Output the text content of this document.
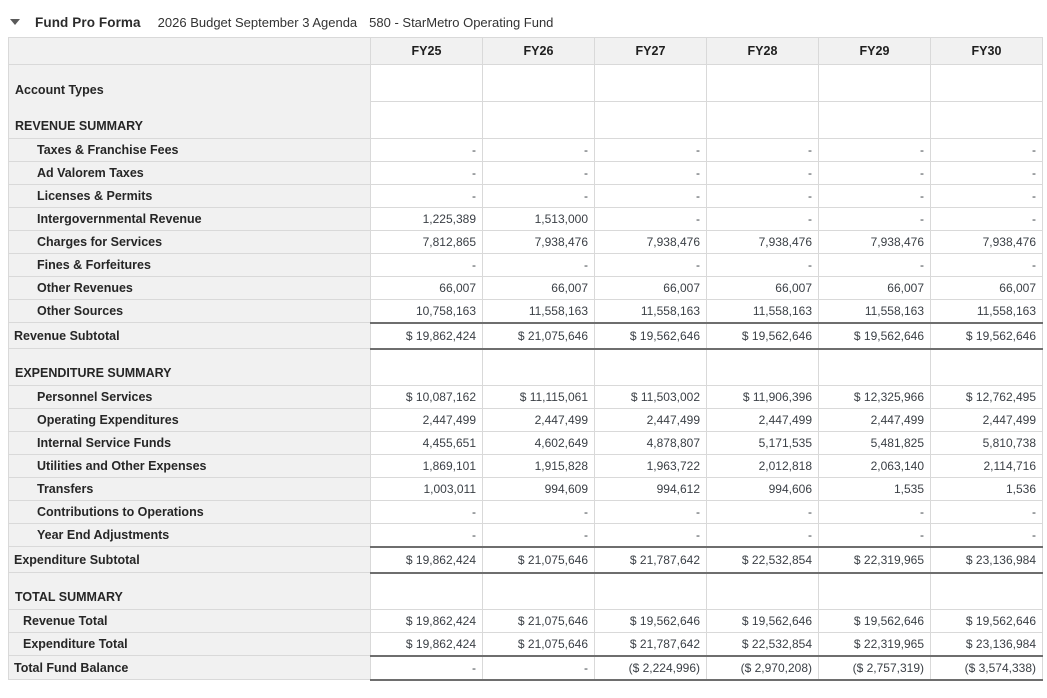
Fund Pro Forma 2026 Budget September 3 Agenda 580 - StarMetro Operating Fund
	FY25	FY26	FY27	FY28	FY29	FY30
Account Types						
REVENUE SUMMARY						
Taxes & Franchise Fees	-	-	-	-	-	-
Ad Valorem Taxes	-	-	-	-	-	-
Licenses & Permits	-	-	-	-	-	-
Intergovernmental Revenue	1,225,389	1,513,000	-	-	-	-
Charges for Services	7,812,865	7,938,476	7,938,476	7,938,476	7,938,476	7,938,476
Fines & Forfeitures	-	-	-	-	-	-
Other Revenues	66,007	66,007	66,007	66,007	66,007	66,007
Other Sources	10,758,163	11,558,163	11,558,163	11,558,163	11,558,163	11,558,163
Revenue Subtotal	$ 19,862,424	$ 21,075,646	$ 19,562,646	$ 19,562,646	$ 19,562,646	$ 19,562,646
EXPENDITURE SUMMARY						
Personnel Services	$ 10,087,162	$ 11,115,061	$ 11,503,002	$ 11,906,396	$ 12,325,966	$ 12,762,495
Operating Expenditures	2,447,499	2,447,499	2,447,499	2,447,499	2,447,499	2,447,499
Internal Service Funds	4,455,651	4,602,649	4,878,807	5,171,535	5,481,825	5,810,738
Utilities and Other Expenses	1,869,101	1,915,828	1,963,722	2,012,818	2,063,140	2,114,716
Transfers	1,003,011	994,609	994,612	994,606	1,535	1,536
Contributions to Operations	-	-	-	-	-	-
Year End Adjustments	-	-	-	-	-	-
Expenditure Subtotal	$ 19,862,424	$ 21,075,646	$ 21,787,642	$ 22,532,854	$ 22,319,965	$ 23,136,984
TOTAL SUMMARY						
Revenue Total	$ 19,862,424	$ 21,075,646	$ 19,562,646	$ 19,562,646	$ 19,562,646	$ 19,562,646
Expenditure Total	$ 19,862,424	$ 21,075,646	$ 21,787,642	$ 22,532,854	$ 22,319,965	$ 23,136,984
Total Fund Balance	-	-	($ 2,224,996)	($ 2,970,208)	($ 2,757,319)	($ 3,574,338)
